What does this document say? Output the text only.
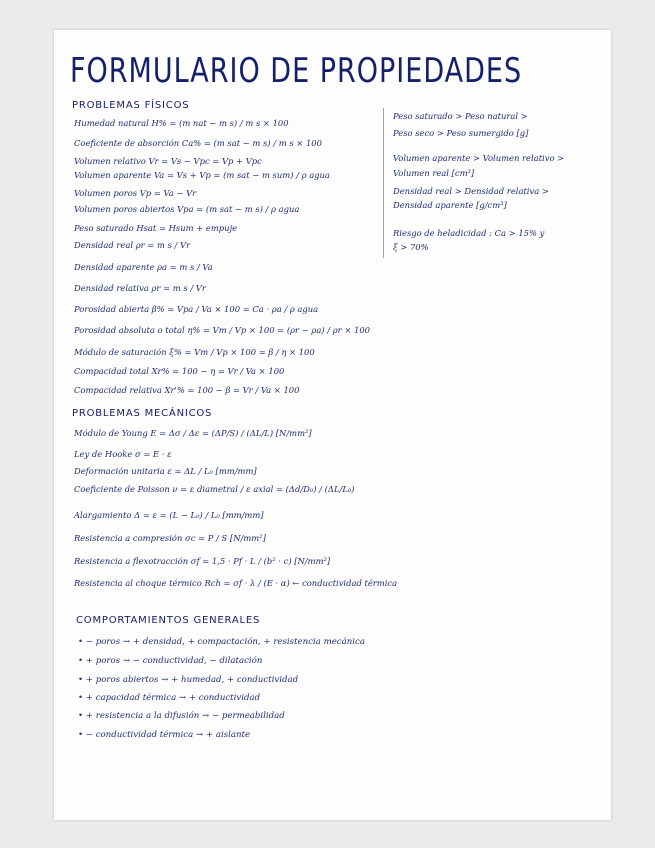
FORMULARIO DE PROPIEDADES
PROBLEMAS FÍSICOS
Humedad natural H% = (m nat − m s) / m s × 100
Coeficiente de absorción Ca% = (m sat − m s) / m s × 100
Volumen relativo Vr = Vs − Vpc = Vp + Vpc
Volumen aparente Va = Vs + Vp = (m sat − m sum) / ρ agua
Volumen poros Vp = Va − Vr
Volumen poros abiertos Vpa = (m sat − m s) / ρ agua
Peso saturado Hsat = Hsum + empuje
Densidad real ρr = m s / Vr
Densidad aparente ρa = m s / Va
Densidad relativa ρr = m s / Vr
Porosidad abierta β% = Vpa / Va × 100 = Ca · ρa / ρ agua
Porosidad absoluta o total η% = Vm / Vp × 100 = (ρr − ρa) / ρr × 100
Módulo de saturación ξ% = Vm / Vp × 100 = β / η × 100
Compacidad total Xr% = 100 − η = Vr / Va × 100
Compacidad relativa Xr'% = 100 − β = Vr / Va × 100
Peso saturado > Peso natural >
Peso seco > Peso sumergido [g]
Volumen aparente > Volumen relativo >
Volumen real [cm³]
Densidad real > Densidad relativa >
Densidad aparente [g/cm³]
Riesgo de heladicidad : Ca > 15% y
ξ > 70%
PROBLEMAS MECÁNICOS
Módulo de Young E = Δσ / Δε = (ΔP/S) / (ΔL/L) [N/mm²]
Ley de Hooke σ = E · ε
Deformación unitaria ε = ΔL / L₀ [mm/mm]
Coeficiente de Poisson ν = ε diametral / ε axial = (Δd/D₀) / (ΔL/L₀)
Alargamiento Δ = ε = (L − L₀) / L₀ [mm/mm]
Resistencia a compresión σc = P / S [N/mm²]
Resistencia a flexotracción σf = 1,5 · Pf · L / (b² · c) [N/mm²]
Resistencia al choque térmico Rch = σf · λ / (E · α) ← conductividad térmica
COMPORTAMIENTOS GENERALES
• − poros → + densidad, + compactación, + resistencia mecánica
• + poros → − conductividad, − dilatación
• + poros abiertos → + humedad, + conductividad
• + capacidad térmica → + conductividad
• + resistencia a la difusión → − permeabilidad
• − conductividad térmica → + aislante
